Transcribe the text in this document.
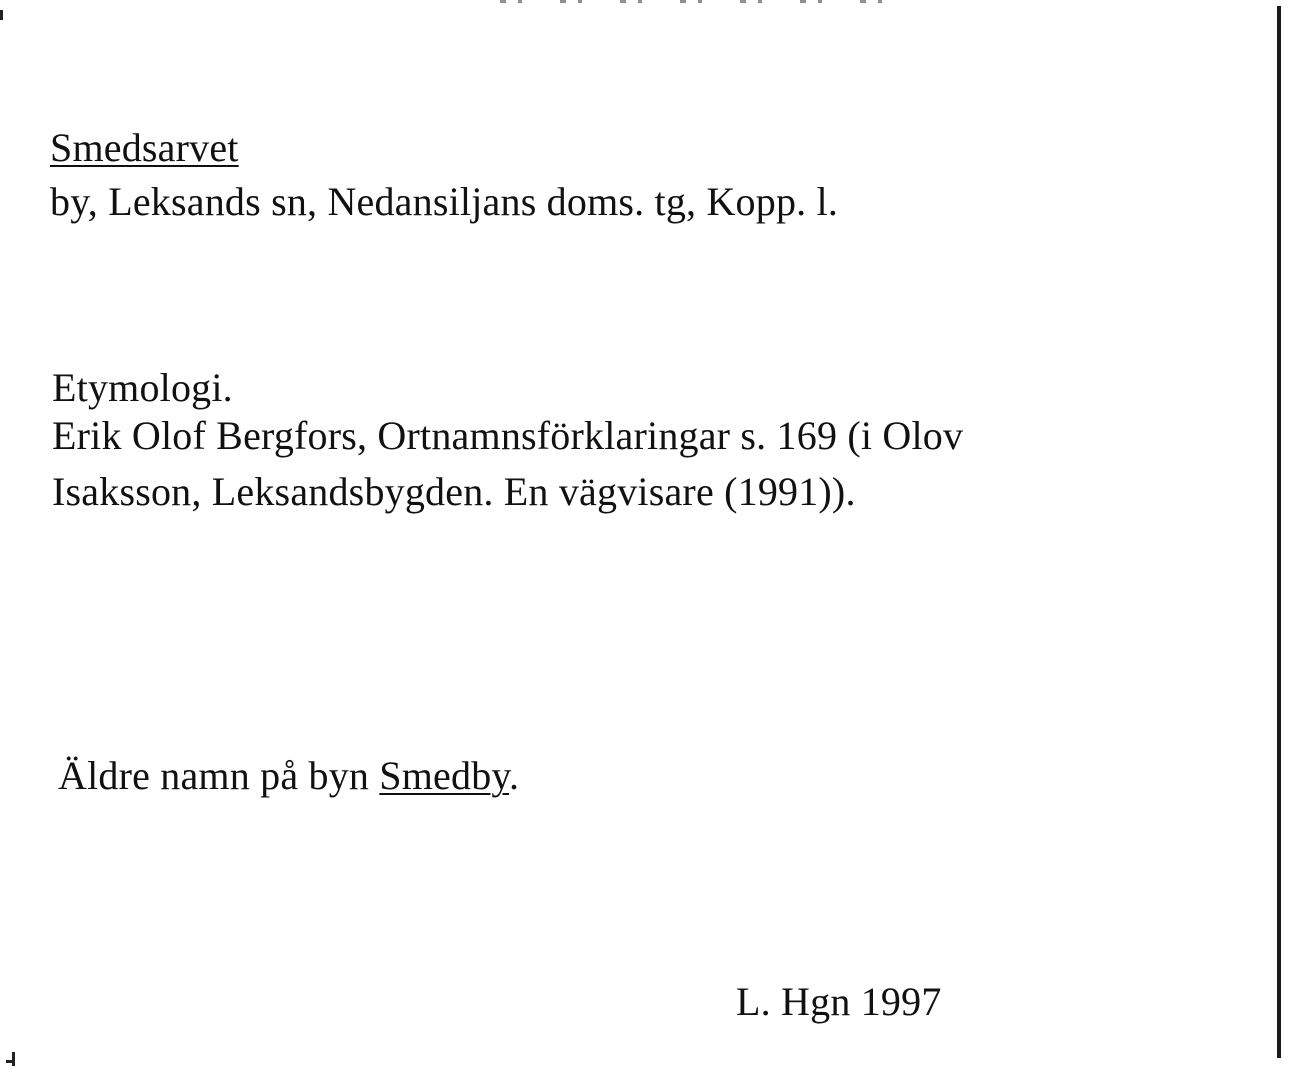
Smedsarvet
by, Leksands sn, Nedansiljans doms. tg, Kopp. l.
Etymologi.
Erik Olof Bergfors, Ortnamnsförklaringar s. 169 (i Olov
Isaksson, Leksandsbygden. En vägvisare (1991)).
Äldre namn på byn Smedby.
L. Hgn 1997
